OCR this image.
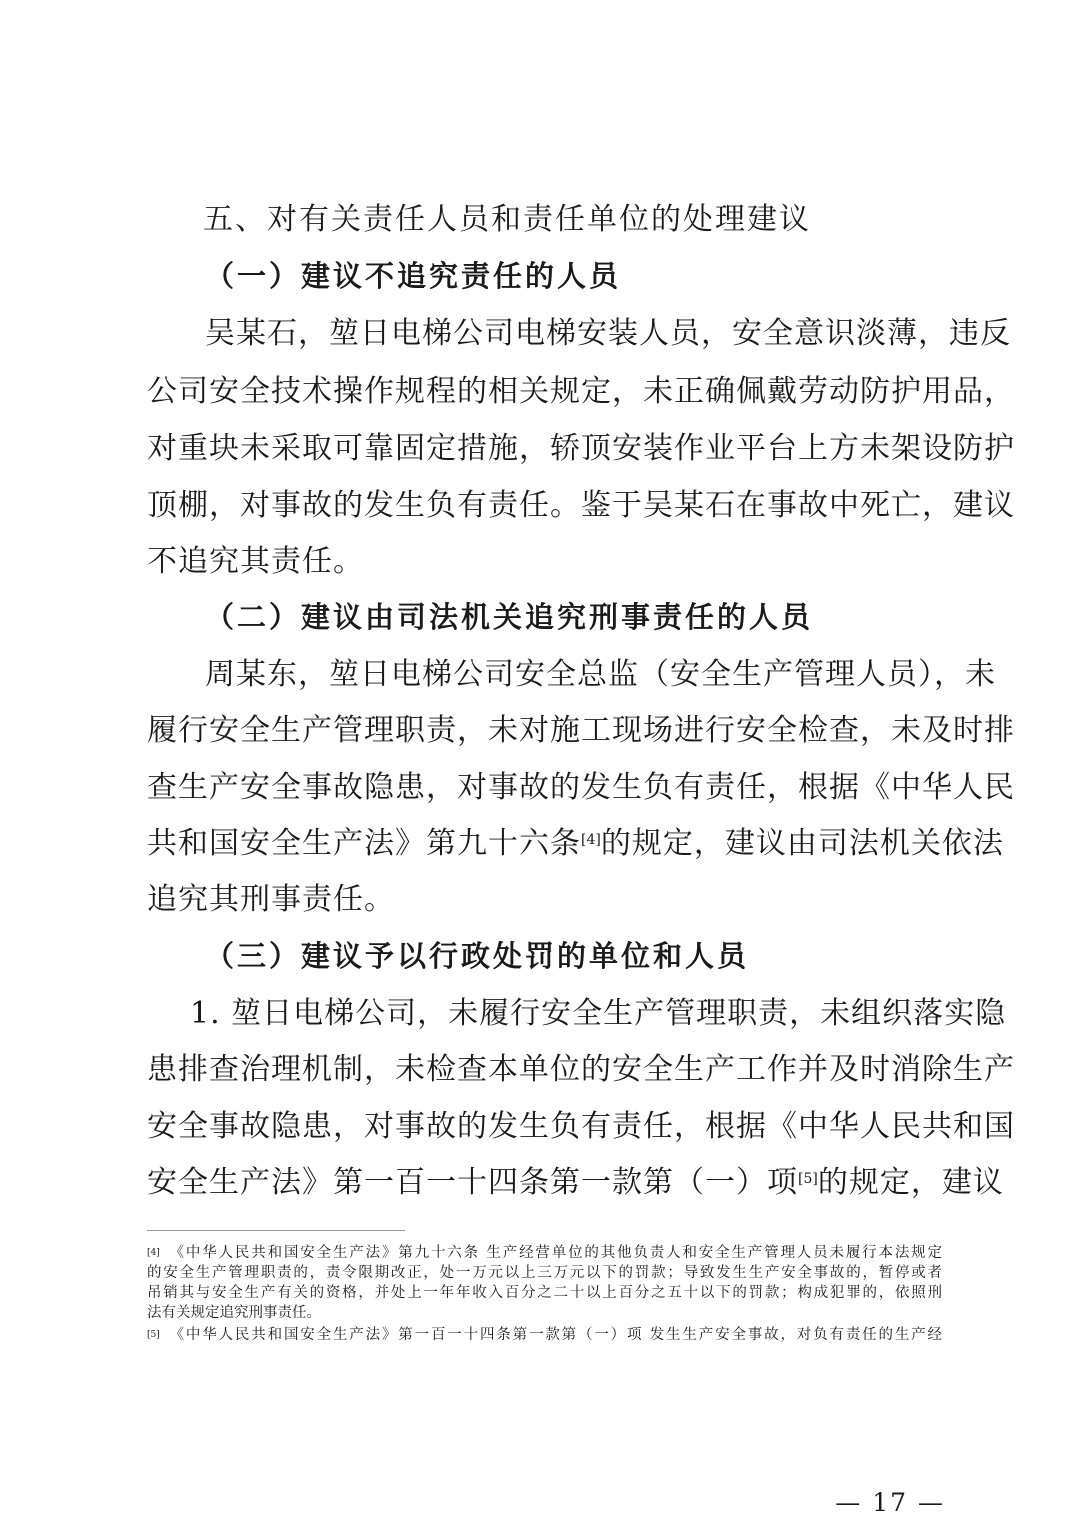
五、对有关责任人员和责任单位的处理建议
（一）建议不追究责任的人员
吴某石，堃日电梯公司电梯安装人员，安全意识淡薄，违反
公司安全技术操作规程的相关规定，未正确佩戴劳动防护用品，
对重块未采取可靠固定措施，轿顶安装作业平台上方未架设防护
顶棚，对事故的发生负有责任。鉴于吴某石在事故中死亡，建议
不追究其责任。
（二）建议由司法机关追究刑事责任的人员
周某东，堃日电梯公司安全总监（安全生产管理人员），未
履行安全生产管理职责，未对施工现场进行安全检查，未及时排
查生产安全事故隐患，对事故的发生负有责任，根据《中华人民
共和国安全生产法》第九十六条[4]的规定，建议由司法机关依法
追究其刑事责任。
（三）建议予以行政处罚的单位和人员
1. 堃日电梯公司，未履行安全生产管理职责，未组织落实隐
患排查治理机制，未检查本单位的安全生产工作并及时消除生产
安全事故隐患，对事故的发生负有责任，根据《中华人民共和国
安全生产法》第一百一十四条第一款第（一）项[5]的规定，建议
[4] 《中华人民共和国安全生产法》第九十六条 生产经营单位的其他负责人和安全生产管理人员未履行本法规定
的安全生产管理职责的，责令限期改正，处一万元以上三万元以下的罚款；导致发生生产安全事故的，暂停或者
吊销其与安全生产有关的资格，并处上一年年收入百分之二十以上百分之五十以下的罚款；构成犯罪的，依照刑
法有关规定追究刑事责任。
[5] 《中华人民共和国安全生产法》第一百一十四条第一款第（一）项 发生生产安全事故，对负有责任的生产经
— 17 —
